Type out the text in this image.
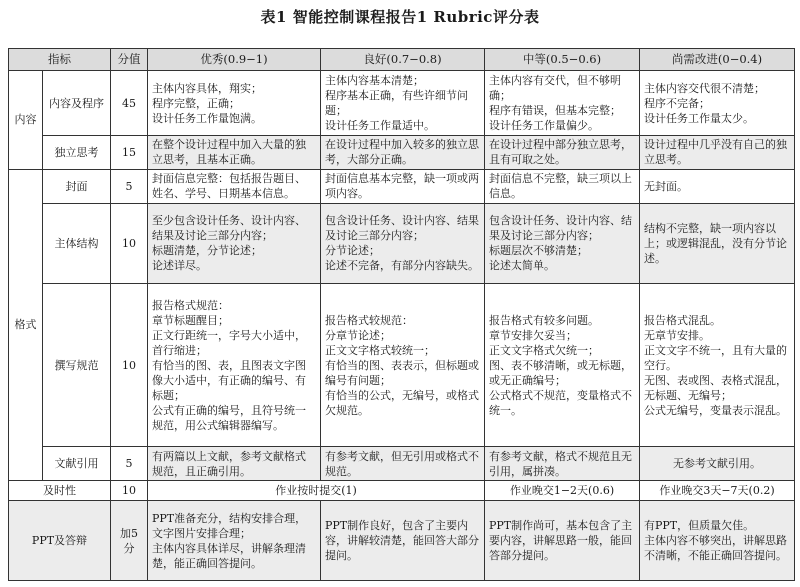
表1 智能控制课程报告1 Rubric评分表
指标		分值	优秀(0.9−1)	良好(0.7−0.8)	中等(0.5−0.6)	尚需改进(0−0.4)
内容	内容及程序	45	主体内容具体，翔实；
程序完整，正确；
设计任务工作量饱满。	主体内容基本清楚；
程序基本正确，有些许细节问题；
设计任务工作量适中。	主体内容有交代，但不够明确；
程序有错误，但基本完整；
设计任务工作量偏少。	主体内容交代很不清楚；
程序不完备；
设计任务工作量太少。
	独立思考	15	在整个设计过程中加入大量的独立思考，且基本正确。	在设计过程中加入较多的独立思考，大部分正确。	在设计过程中部分独立思考，且有可取之处。	设计过程中几乎没有自己的独立思考。
格式	封面	5	封面信息完整：包括报告题目、姓名、学号、日期基本信息。	封面信息基本完整，缺一项或两项内容。	封面信息不完整，缺三项以上信息。	无封面。
	主体结构	10	至少包含设计任务、设计内容、结果及讨论三部分内容；
标题清楚，分节论述；
论述详尽。	包含设计任务、设计内容、结果及讨论三部分内容；
分节论述；
论述不完备，有部分内容缺失。	包含设计任务、设计内容、结果及讨论三部分内容；
标题层次不够清楚；
论述太简单。	结构不完整，缺一项内容以上；或逻辑混乱，没有分节论述。
	撰写规范	10	报告格式规范：
章节标题醒目；
正文行距统一，字号大小适中，首行缩进；
有恰当的图、表，且图表文字图像大小适中，有正确的编号、有标题；
公式有正确的编号，且符号统一规范，用公式编辑器编写。	报告格式较规范：
分章节论述；
正文文字格式较统一；
有恰当的图、表表示，但标题或编号有问题；
有恰当的公式，无编号，或格式欠规范。	报告格式有较多问题。
章节安排欠妥当；
正文文字格式欠统一；
图、表不够清晰，或无标题，或无正确编号；
公式格式不规范，变量格式不统一。	报告格式混乱。
无章节安排。
正文文字不统一，且有大量的空行。
无图、表或图、表格式混乱，无标题、无编号；
公式无编号，变量表示混乱。
	文献引用	5	有两篇以上文献，参考文献格式规范，且正确引用。	有参考文献，但无引用或格式不规范。	有参考文献，格式不规范且无引用，属拼凑。	无参考文献引用。
及时性		10	作业按时提交(1)		作业晚交1−2天(0.6)	作业晚交3天−7天(0.2)
PPT及答辩		加5分	PPT准备充分，结构安排合理，文字图片安排合理；
主体内容具体详尽，讲解条理清楚，能正确回答提问。	PPT制作良好，包含了主要内容，讲解较清楚，能回答大部分提问。	PPT制作尚可，基本包含了主要内容，讲解思路一般，能回答部分提问。	有PPT，但质量欠佳。
主体内容不够突出，讲解思路不清晰，不能正确回答提问。
